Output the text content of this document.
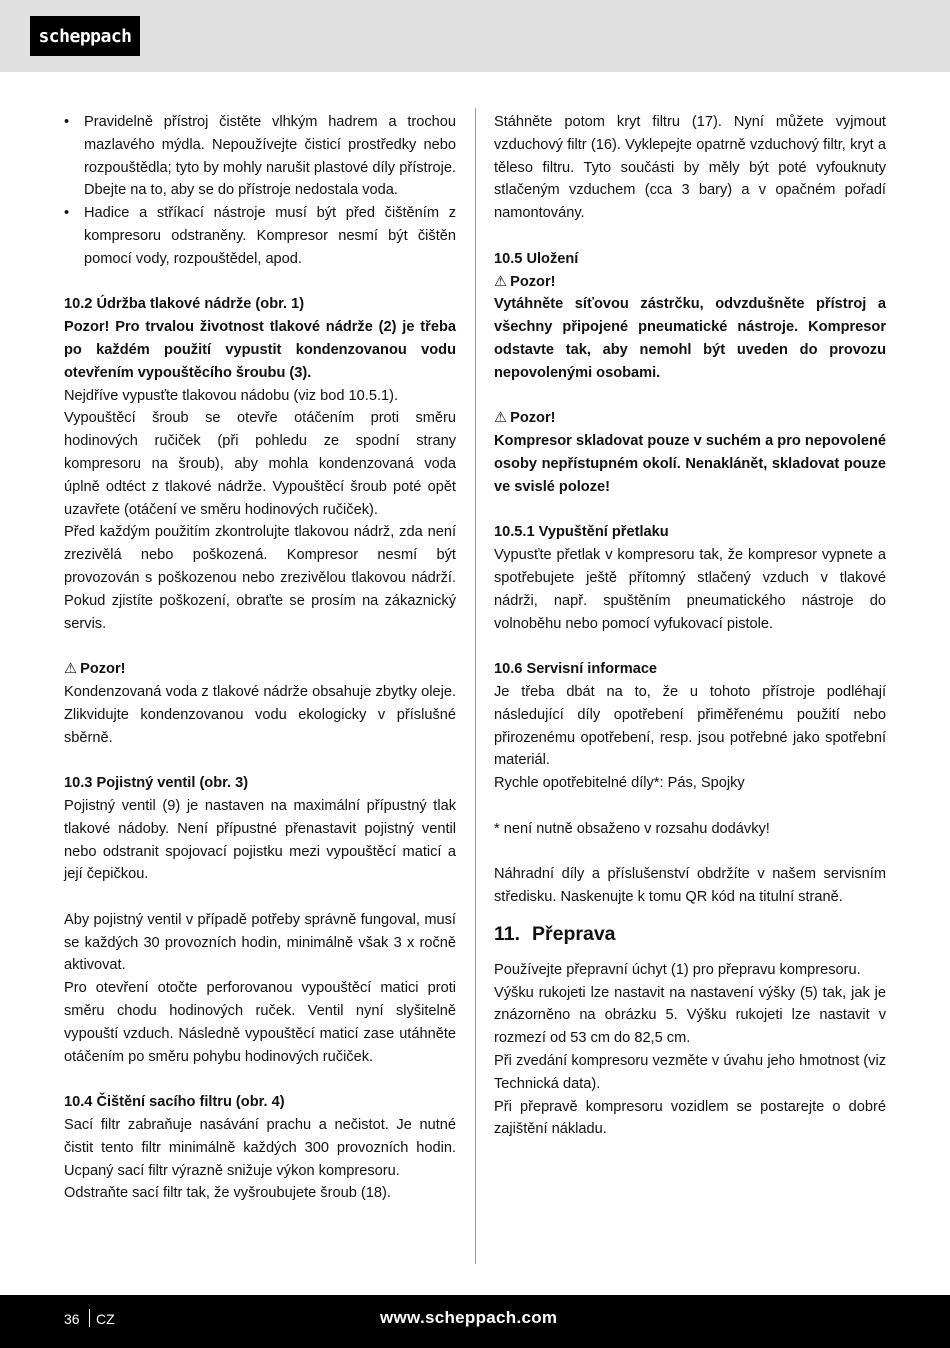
scheppach
• Pravidelně přístroj čistěte vlhkým hadrem a trochou mazlavého mýdla. Nepoužívejte čisticí prostředky nebo rozpouštědla; tyto by mohly narušit plastové díly přístroje. Dbejte na to, aby se do přístroje nedostala voda.
• Hadice a stříkací nástroje musí být před čištěním z kompresoru odstraněny. Kompresor nesmí být čištěn pomocí vody, rozpouštědel, apod.

10.2 Údržba tlakové nádrže (obr. 1)

Pozor! Pro trvalou životnost tlakové nádrže (2) je třeba po každém použití vypustit kondenzovanou vodu otevřením vypouštěcího šroubu (3).

Nejdříve vypusťte tlakovou nádobu (viz bod 10.5.1).

Vypouštěcí šroub se otevře otáčením proti směru hodinových ručiček (při pohledu ze spodní strany kompresoru na šroub), aby mohla kondenzovaná voda úplně odtéct z tlakové nádrže. Vypouštěcí šroub poté opět uzavřete (otáčení ve směru hodinových ručiček).

Před každým použitím zkontrolujte tlakovou nádrž, zda není zrezivělá nebo poškozená. Kompresor nesmí být provozován s poškozenou nebo zrezivělou tlakovou nádrží. Pokud zjistíte poškození, obraťte se prosím na zákaznický servis.

⚠ Pozor!

Kondenzovaná voda z tlakové nádrže obsahuje zbytky oleje. Zlikvidujte kondenzovanou vodu ekologicky v příslušné sběrně.

10.3 Pojistný ventil (obr. 3)

Pojistný ventil (9) je nastaven na maximální přípustný tlak tlakové nádoby. Není přípustné přenastavit pojistný ventil nebo odstranit spojovací pojistku mezi vypouštěcí maticí a její čepičkou.

Aby pojistný ventil v případě potřeby správně fungoval, musí se každých 30 provozních hodin, minimálně však 3 x ročně aktivovat.

Pro otevření otočte perforovanou vypouštěcí matici proti směru chodu hodinových ruček. Ventil nyní slyšitelně vypouští vzduch. Následně vypouštěcí maticí zase utáhněte otáčením po směru pohybu hodinových ručiček.

10.4 Čištění sacího filtru (obr. 4)

Sací filtr zabraňuje nasávání prachu a nečistot. Je nutné čistit tento filtr minimálně každých 300 provozních hodin. Ucpaný sací filtr výrazně snižuje výkon kompresoru.

Odstraňte sací filtr tak, že vyšroubujete šroub (18).

Stáhněte potom kryt filtru (17). Nyní můžete vyjmout vzduchový filtr (16). Vyklepejte opatrně vzduchový filtr, kryt a těleso filtru. Tyto součásti by měly být poté vyfouknuty stlačeným vzduchem (cca 3 bary) a v opačném pořadí namontovány.

10.5 Uložení

⚠ Pozor!

Vytáhněte síťovou zástrčku, odvzdušněte přístroj a všechny připojené pneumatické nástroje. Kompresor odstavte tak, aby nemohl být uveden do provozu nepovolenými osobami.

⚠ Pozor!

Kompresor skladovat pouze v suchém a pro nepovolené osoby nepřístupném okolí. Nenaklánět, skladovat pouze ve svislé poloze!

10.5.1 Vypuštění přetlaku

Vypusťte přetlak v kompresoru tak, že kompresor vypnete a spotřebujete ještě přítomný stlačený vzduch v tlakové nádrži, např. spuštěním pneumatického nástroje do volnoběhu nebo pomocí vyfukovací pistole.

10.6 Servisní informace

Je třeba dbát na to, že u tohoto přístroje podléhají následující díly opotřebení přiměřenému použití nebo přirozenému opotřebení, resp. jsou potřebné jako spotřební materiál.

Rychle opotřebitelné díly*: Pás, Spojky

* není nutně obsaženo v rozsahu dodávky!

Náhradní díly a příslušenství obdržíte v našem servisním středisku. Naskenujte k tomu QR kód na titulní straně.

11. Přeprava

Používejte přepravní úchyt (1) pro přepravu kompresoru.

Výšku rukojeti lze nastavit na nastavení výšky (5) tak, jak je znázorněno na obrázku 5. Výšku rukojeti lze nastavit v rozmezí od 53 cm do 82,5 cm.

Při zvedání kompresoru vezměte v úvahu jeho hmotnost (viz Technická data).

Při přepravě kompresoru vozidlem se postarejte o dobré zajištění nákladu.

36 CZ	www.scheppach.com
